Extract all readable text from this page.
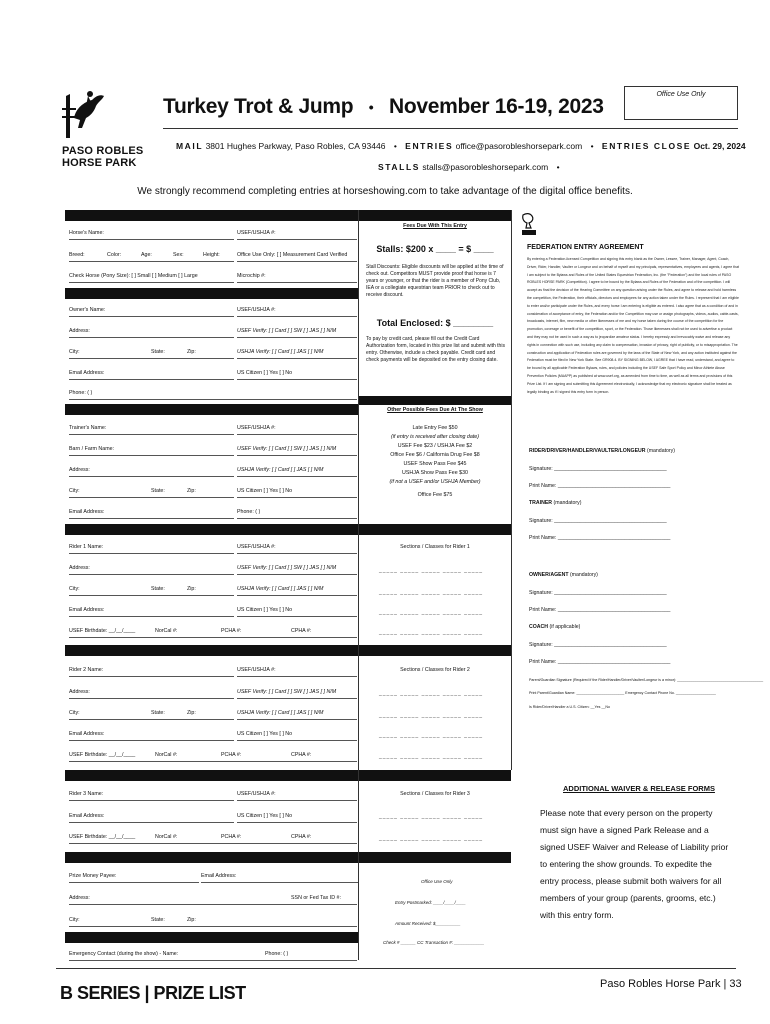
PASO ROBLES
HORSE PARK
Turkey Trot & Jump • November 16-19, 2023
Office Use Only
MAIL 3801 Hughes Parkway, Paso Robles, CA 93446 • ENTRIES office@pasorobleshorsepark.com • ENTRIES CLOSE Oct. 29, 2024
STALLS stalls@pasorobleshorsepark.com •
We strongly recommend completing entries at horseshowing.com to take advantage of the digital office benefits.
Horse's Name:	USEF/USHJA #:
Breed:	Color:	Age:	Sex:	Height:	Office Use Only: [ ] Measurement Card Verified
Check Horse (Pony Size): [ ] Small [ ] Medium [ ] Large	Microchip #:
Owner's Name:	USEF/USHJA #:
Address:	USEF Verify: [ ] Card [ ] SW [ ] JAS [ ] N/M
City:	State:	Zip:	USHJA Verify: [ ] Card [ ] JAS [ ] N/M
Email Address:	US Citizen [ ] Yes [ ] No
Phone: ( )
Trainer's Name:	USEF/USHJA #:
Barn / Farm Name:	USEF Verify: [ ] Card [ ] SW [ ] JAS [ ] N/M
Address:	USHJA Verify: [ ] Card [ ] JAS [ ] N/M
City:	State:	Zip:	US Citizen [ ] Yes [ ] No
Email Address:	Phone: ( )
Rider 1 Name:	USEF/USHJA #:
Address:	USEF Verify: [ ] Card [ ] SW [ ] JAS [ ] N/M
City:	State:	Zip:	USHJA Verify: [ ] Card [ ] JAS [ ] N/M
Email Address:	US Citizen [ ] Yes [ ] No
USEF Birthdate: __/__/____	NorCal #:	PCHA #:	CPHA #:
Rider 2 Name:	USEF/USHJA #:
Address:	USEF Verify: [ ] Card [ ] SW [ ] JAS [ ] N/M
City:	State:	Zip:	USHJA Verify: [ ] Card [ ] JAS [ ] N/M
Email Address:	US Citizen [ ] Yes [ ] No
USEF Birthdate: __/__/____	NorCal #:	PCHA #:	CPHA #:
Rider 3 Name:	USEF/USHJA #:
Email Address:	US Citizen [ ] Yes [ ] No
USEF Birthdate: __/__/____	NorCal #:	PCHA #:	CPHA #:
Prize Money Payee:	Email Address:
Address:	SSN or Fed Tax ID #:
City:	State:	Zip:
Emergency Contact (during the show) - Name:	Phone: ( )
Fees Due With This Entry
Stalls: $200 x ____ = $ ____
Stall Discounts: Eligible discounts will be applied at the time of check out. Competitors MUST provide proof that horse is 7 years or younger, or that the rider is a member of Pony Club, IEA or a collegiate equestrian team PRIOR to check out to receive discount.
Total Enclosed: $ ________
To pay by credit card, please fill out the Credit Card Authorization form, located in this prize list and submit with this entry. Otherwise, include a check payable. Credit card and check payments will be deposited on the entry closing date.
Other Possible Fees Due At The Show
Late Entry Fee $50
(if entry is received after closing date)
USEF Fee $23 / USHJA Fee $2
Office Fee $6 / California Drug Fee $8
USEF Show Pass Fee $45
USHJA Show Pass Fee $30
(if not a USEF and/or USHJA Member)
Office Fee $75
Sections / Classes for Rider 1
_____ _____ _____ _____ _____
_____ _____ _____ _____ _____
_____ _____ _____ _____ _____
_____ _____ _____ _____ _____
Sections / Classes for Rider 2
_____ _____ _____ _____ _____
_____ _____ _____ _____ _____
_____ _____ _____ _____ _____
_____ _____ _____ _____ _____
Sections / Classes for Rider 3
_____ _____ _____ _____ _____
_____ _____ _____ _____ _____
Office Use Only
Entry Postmarked: ____/____/____
Amount Received: $__________
Check # ______ CC Transaction #: ____________
FEDERATION ENTRY AGREEMENT
By entering a Federation-licensed Competition and signing this entry blank as the Owner, Lessee, Trainer, Manager, Agent, Coach, Driver, Rider, Handler, Vaulter or Longeur and on behalf of myself and my principals, representatives, employees and agents, I agree that I am subject to the Bylaws and Rules of the United States Equestrian Federation, Inc. (the "Federation") and the local rules of PASO ROBLES HORSE PARK (Competition). I agree to be bound by the Bylaws and Rules of the Federation and of the competition. I will accept as final the decision of the Hearing Committee on any question arising under the Rules, and agree to release and hold harmless the competition, the Federation, their officials, directors and employees for any action taken under the Rules. I represent that I am eligible to enter and/or participate under the Rules, and every horse I am entering is eligible as entered. I also agree that as a condition of and in consideration of acceptance of entry, the Federation and/or the Competition may use or assign photographs, videos, audios, cable-casts, broadcasts, internet, film, new media or other likenesses of me and my horse taken during the course of the competition for the promotion, coverage or benefit of the competition, sport, or the Federation. Those likenesses shall not be used to advertise a product and they may not be used in such a way as to jeopardize amateur status. I hereby expressly and irrevocably waive and release any rights in connection with such use, including any claim to compensation, invasion of privacy, right of publicity, or to misappropriation. The construction and application of Federation rules are governed by the laws of the State of New York, and any action instituted against the Federation must be filed in New York State. See GR908.4. BY SIGNING BELOW, I AGREE that I have read, understand, and agree to be bound by all applicable Federation Bylaws, rules, and policies including the USEF Safe Sport Policy and Minor Athlete Abuse Prevention Policies (MAAPP) as published at www.usef.org, as amended from time to time, as well as all terms and provisions of this Prize List. If I am signing and submitting this Agreement electronically, I acknowledge that my electronic signature shall be treated as legally binding as if I signed this entry form in person.
RIDER/DRIVER/HANDLER/VAULTER/LONGEUR (mandatory)
Signature: _______________________________________
Print Name: _______________________________________
TRAINER (mandatory)
Signature: _______________________________________
Print Name: _______________________________________
OWNER/AGENT (mandatory)
Signature: _______________________________________
Print Name: _______________________________________
COACH (if applicable)
Signature: _______________________________________
Print Name: _______________________________________
Parent/Guardian Signature (Required if the Rider/Handler/Driver/Vaulter/Longeur is a minor): ___________________________________________
Print Parent/Guardian Name: ________________________ Emergency Contact Phone No. ____________________
Is Rider/Driver/Handler a U.S. Citizen: __Yes __No
ADDITIONAL WAIVER & RELEASE FORMS
Please note that every person on the property must sign have a signed Park Release and a signed USEF Waiver and Release of Liability prior to entering the show grounds. To expedite the entry process, please submit both waivers for all members of your group (parents, grooms, etc.) with this entry form.
B SERIES | PRIZE LIST	Paso Robles Horse Park | 33
